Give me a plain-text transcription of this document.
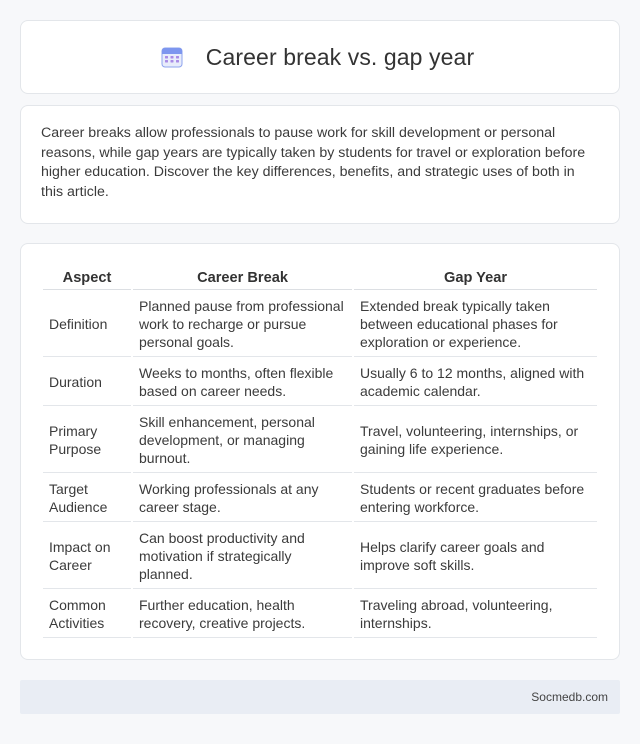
Career break vs. gap year

Career breaks allow professionals to pause work for skill development or personal reasons, while gap years are typically taken by students for travel or exploration before higher education. Discover the key differences, benefits, and strategic uses of both in this article.

Aspect	Career Break	Gap Year
Definition	Planned pause from professional work to recharge or pursue personal goals.	Extended break typically taken between educational phases for exploration or experience.
Duration	Weeks to months, often flexible based on career needs.	Usually 6 to 12 months, aligned with academic calendar.
Primary Purpose	Skill enhancement, personal development, or managing burnout.	Travel, volunteering, internships, or gaining life experience.
Target Audience	Working professionals at any career stage.	Students or recent graduates before entering workforce.
Impact on Career	Can boost productivity and motivation if strategically planned.	Helps clarify career goals and improve soft skills.
Common Activities	Further education, health recovery, creative projects.	Traveling abroad, volunteering, internships.
Socmedb.com
